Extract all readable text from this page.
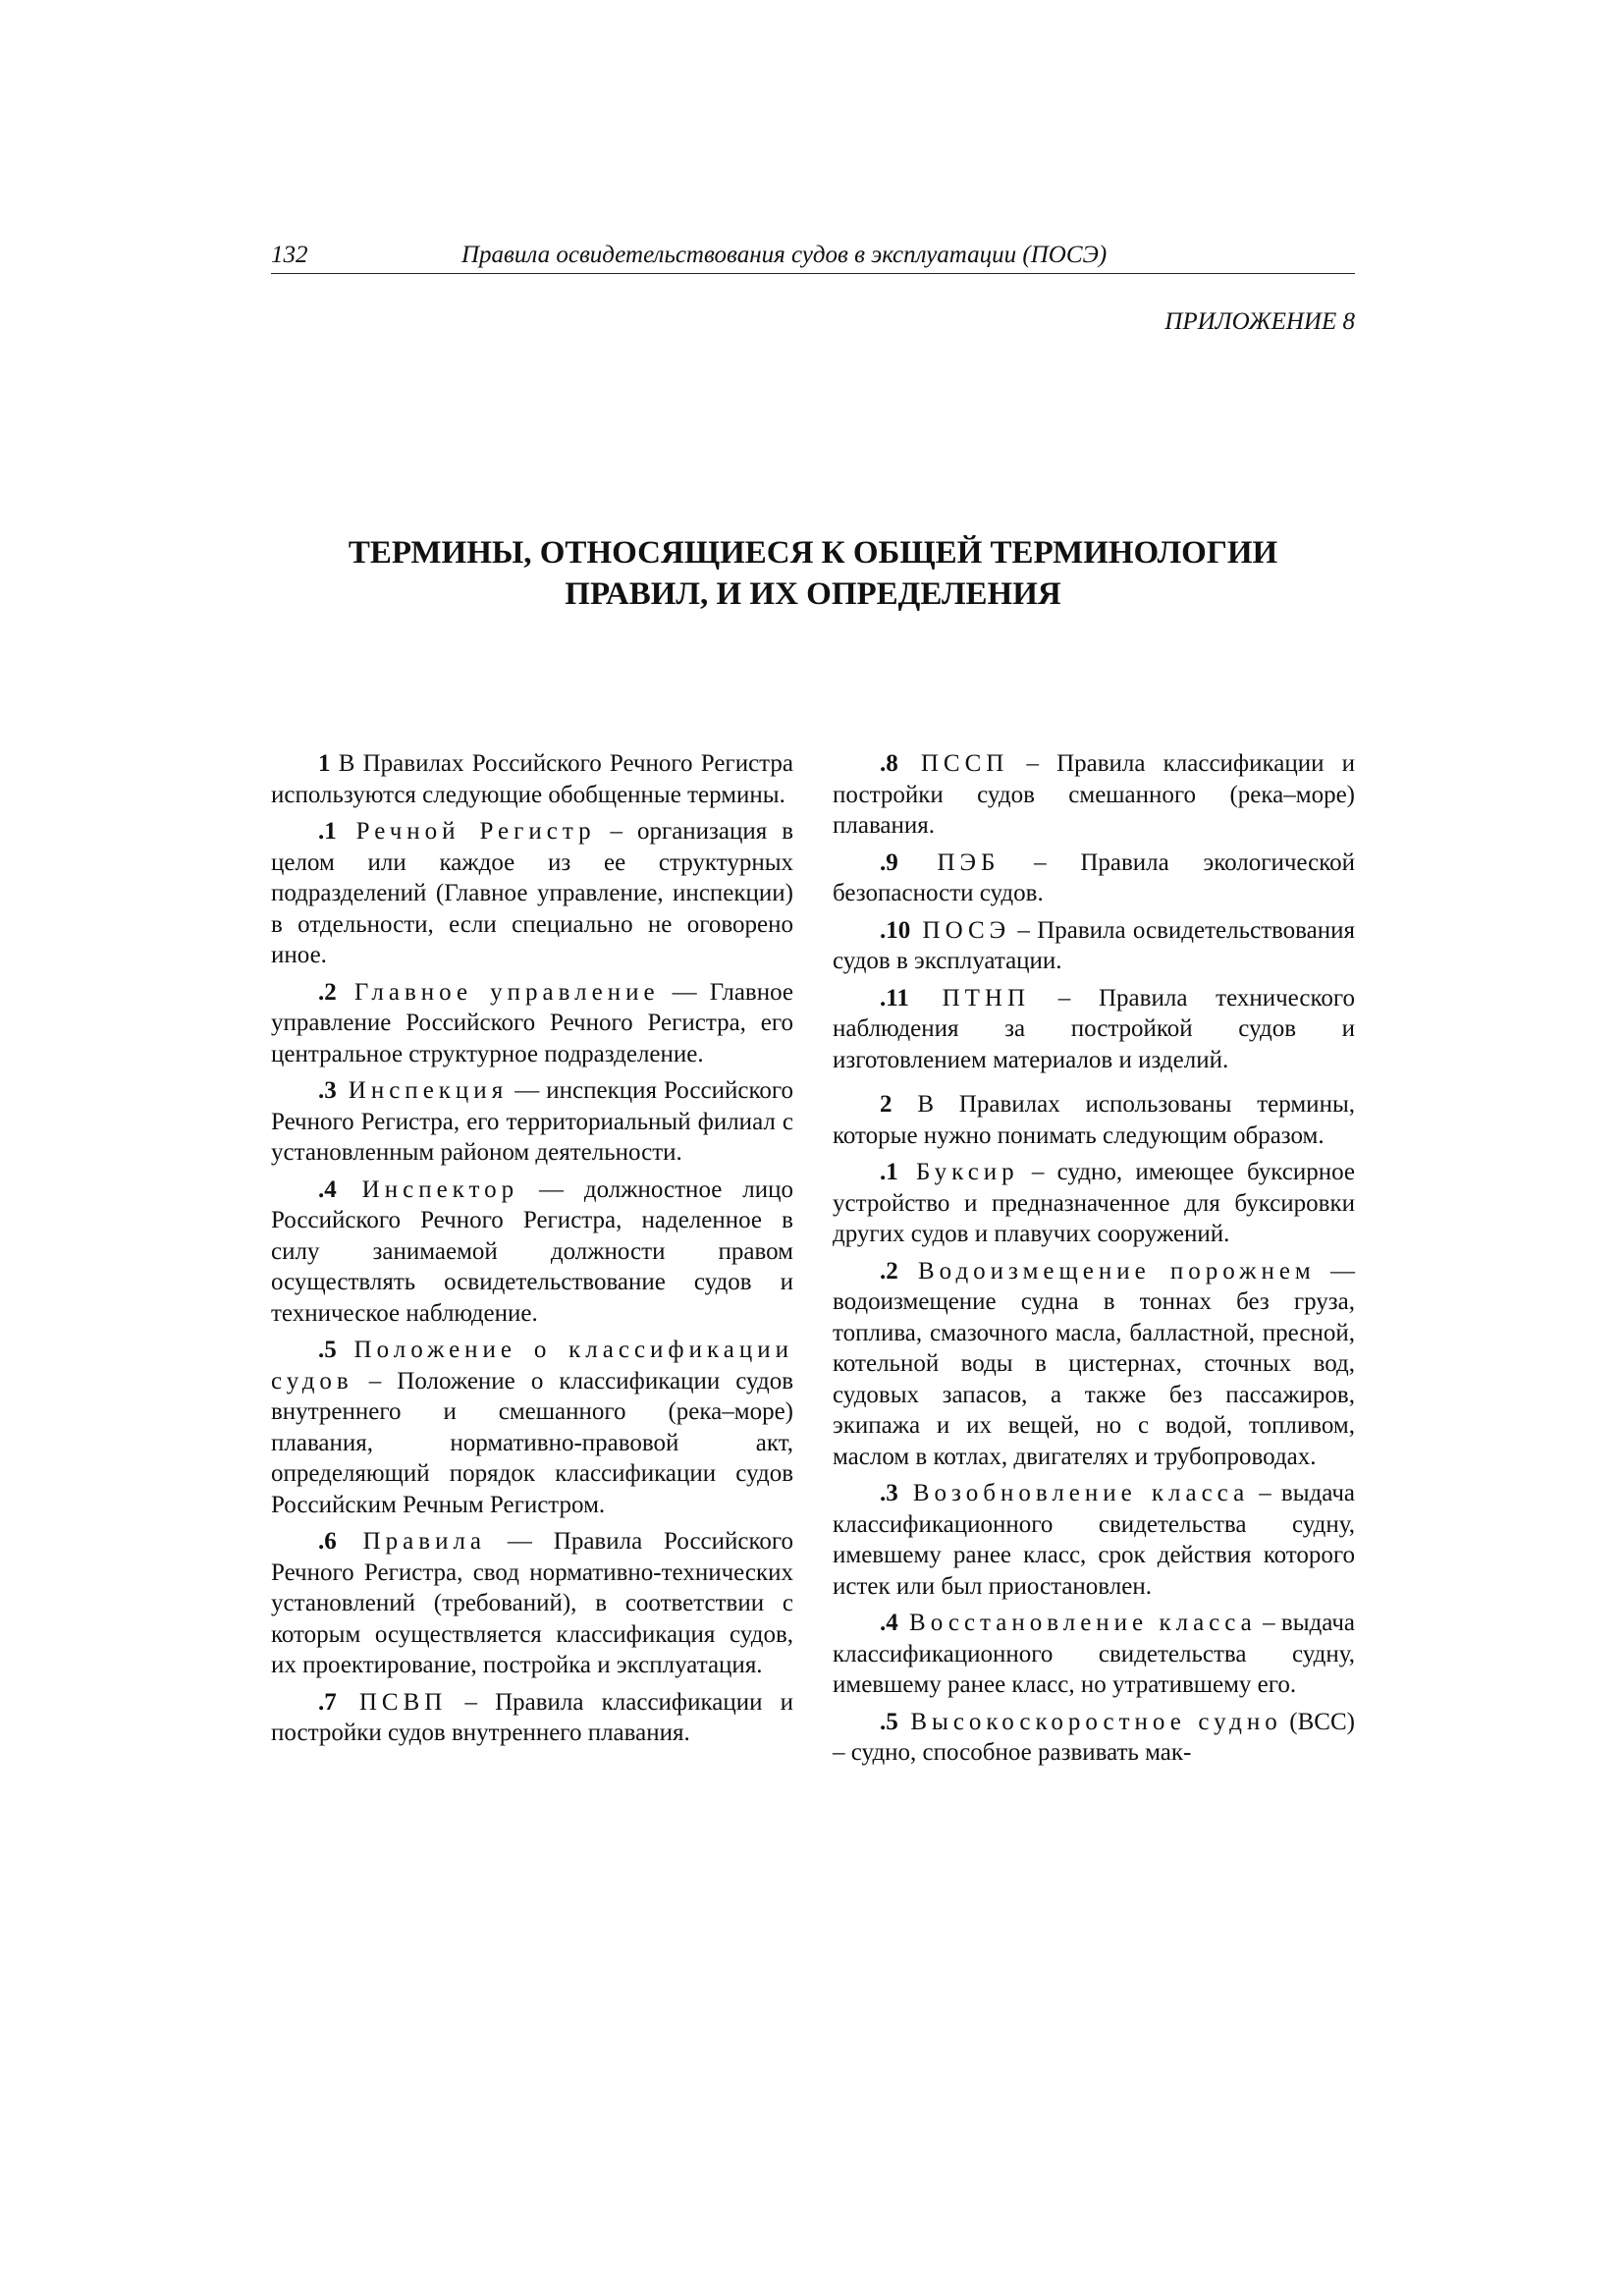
132	Правила освидетельствования судов в эксплуатации (ПОСЭ)
ПРИЛОЖЕНИЕ 8
ТЕРМИНЫ, ОТНОСЯЩИЕСЯ К ОБЩЕЙ ТЕРМИНОЛОГИИ
ПРАВИЛ, И ИХ ОПРЕДЕЛЕНИЯ

1 В Правилах Российского Речного Регистра используются следующие обобщенные термины.

.1 Речной Регистр – организация в целом или каждое из ее структурных подразделений (Главное управление, инспекции) в отдельности, если специально не оговорено иное.

.2 Главное управление — Главное управление Российского Речного Регистра, его центральное структурное подразделение.

.3 Инспекция — инспекция Российского Речного Регистра, его территориальный филиал с установленным районом деятельности.

.4 Инспектор — должностное лицо Российского Речного Регистра, наделенное в силу занимаемой должности правом осуществлять освидетельствование судов и техническое наблюдение.

.5 Положение о классификации судов – Положение о классификации судов внутреннего и смешанного (река–море) плавания, нормативно-правовой акт, определяющий порядок классификации судов Российским Речным Регистром.

.6 Правила — Правила Российского Речного Регистра, свод нормативно-технических установлений (требований), в соответствии с которым осуществляется классификация судов, их проектирование, постройка и эксплуатация.

.7 ПСВП – Правила классификации и постройки судов внутреннего плавания.

.8 ПССП – Правила классификации и постройки судов смешанного (река–море) плавания.

.9 ПЭБ – Правила экологической безопасности судов.

.10 ПОСЭ – Правила освидетельствования судов в эксплуатации.

.11 ПТНП – Правила технического наблюдения за постройкой судов и изготовлением материалов и изделий.

2 В Правилах использованы термины, которые нужно понимать следующим образом.

.1 Буксир – судно, имеющее буксирное устройство и предназначенное для буксировки других судов и плавучих сооружений.

.2 Водоизмещение порожнем — водоизмещение судна в тоннах без груза, топлива, смазочного масла, балластной, пресной, котельной воды в цистернах, сточных вод, судовых запасов, а также без пассажиров, экипажа и их вещей, но с водой, топливом, маслом в котлах, двигателях и трубопроводах.

.3 Возобновление класса – выдача классификационного свидетельства судну, имевшему ранее класс, срок действия которого истек или был приостановлен.

.4 Восстановление класса – выдача классификационного свидетельства судну, имевшему ранее класс, но утратившему его.

.5 Высокоскоростное судно (ВСС) – судно, способное развивать мак-
